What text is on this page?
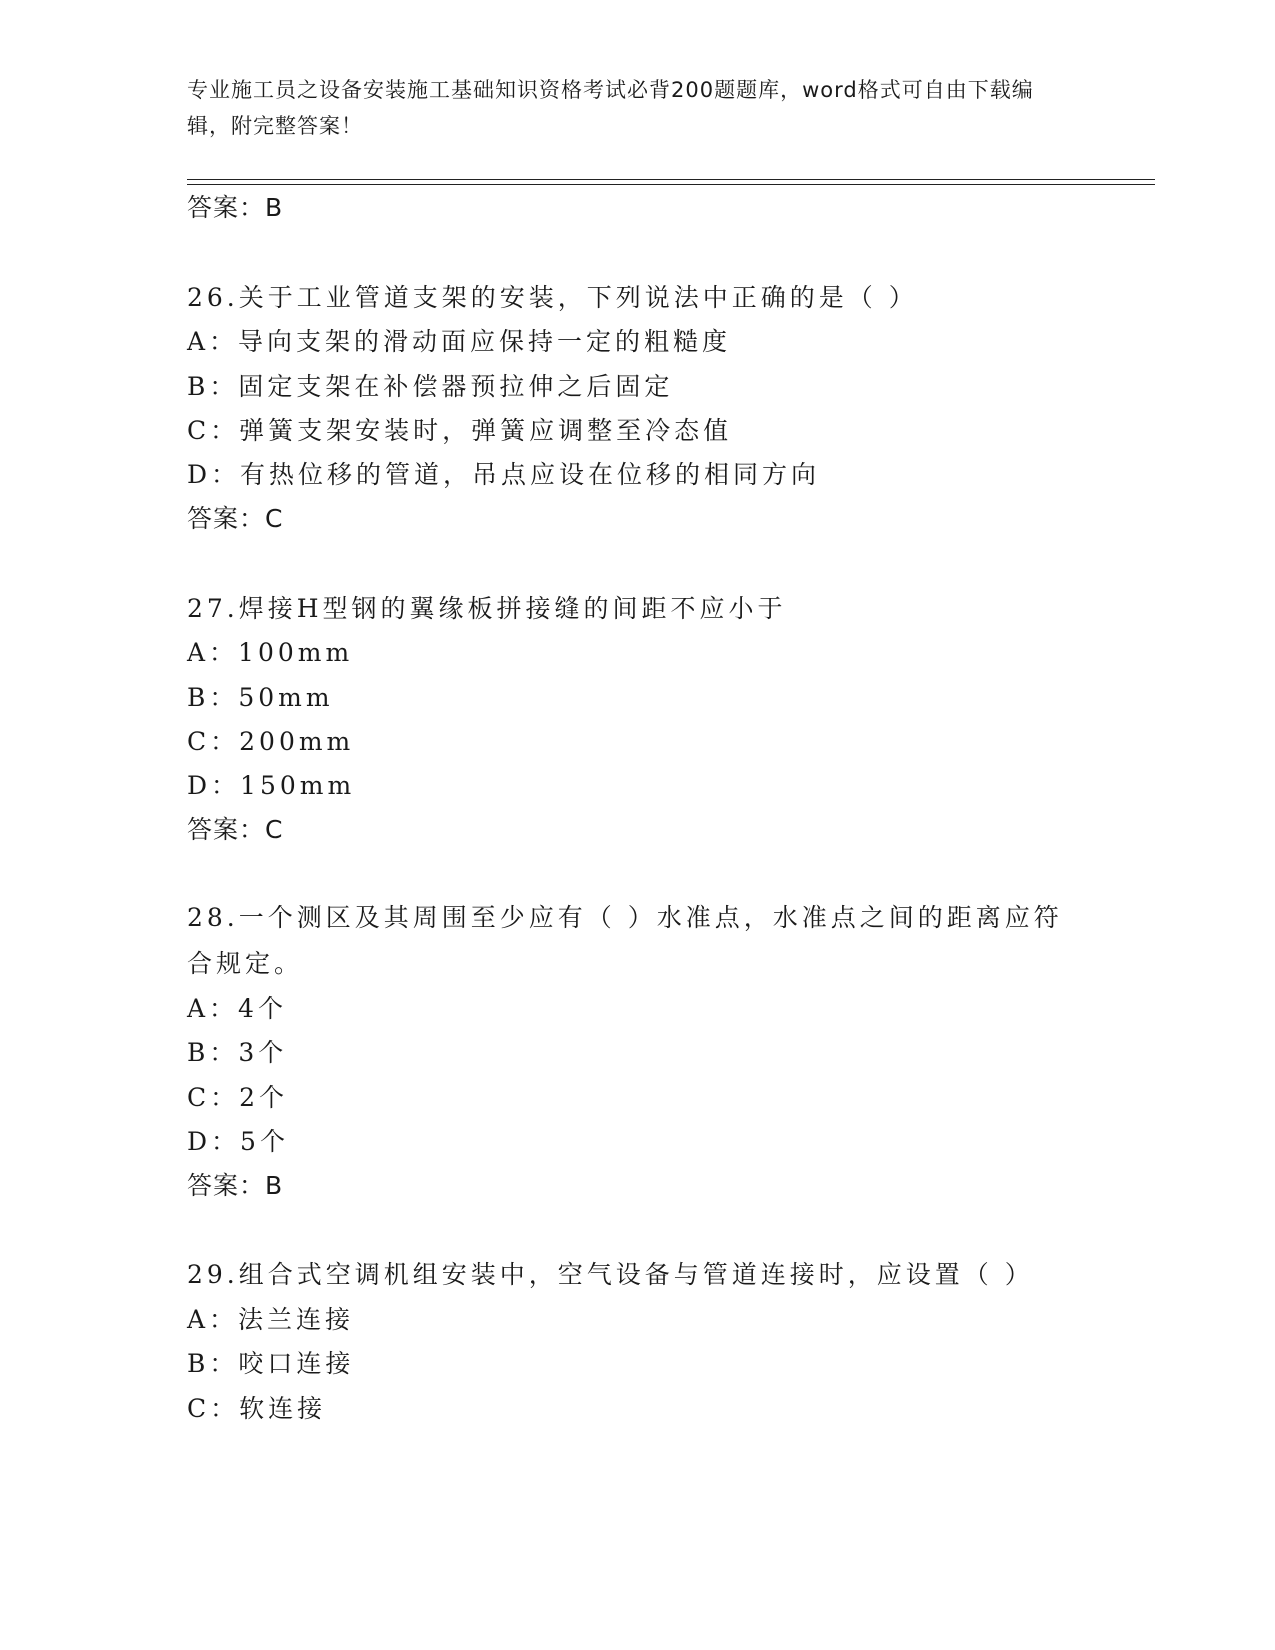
专业施工员之设备安装施工基础知识资格考试必背200题题库，word格式可自由下载编辑，附完整答案！
答案：B
26.关于工业管道支架的安装，下列说法中正确的是（ ）
A：导向支架的滑动面应保持一定的粗糙度
B：固定支架在补偿器预拉伸之后固定
C：弹簧支架安装时，弹簧应调整至冷态值
D：有热位移的管道，吊点应设在位移的相同方向
答案：C
27.焊接H型钢的翼缘板拼接缝的间距不应小于
A：100mm
B：50mm
C：200mm
D：150mm
答案：C
28.一个测区及其周围至少应有（ ）水准点，水准点之间的距离应符合规定。
A：4个
B：3个
C：2个
D：5个
答案：B
29.组合式空调机组安装中，空气设备与管道连接时，应设置（ ）
A：法兰连接
B：咬口连接
C：软连接
